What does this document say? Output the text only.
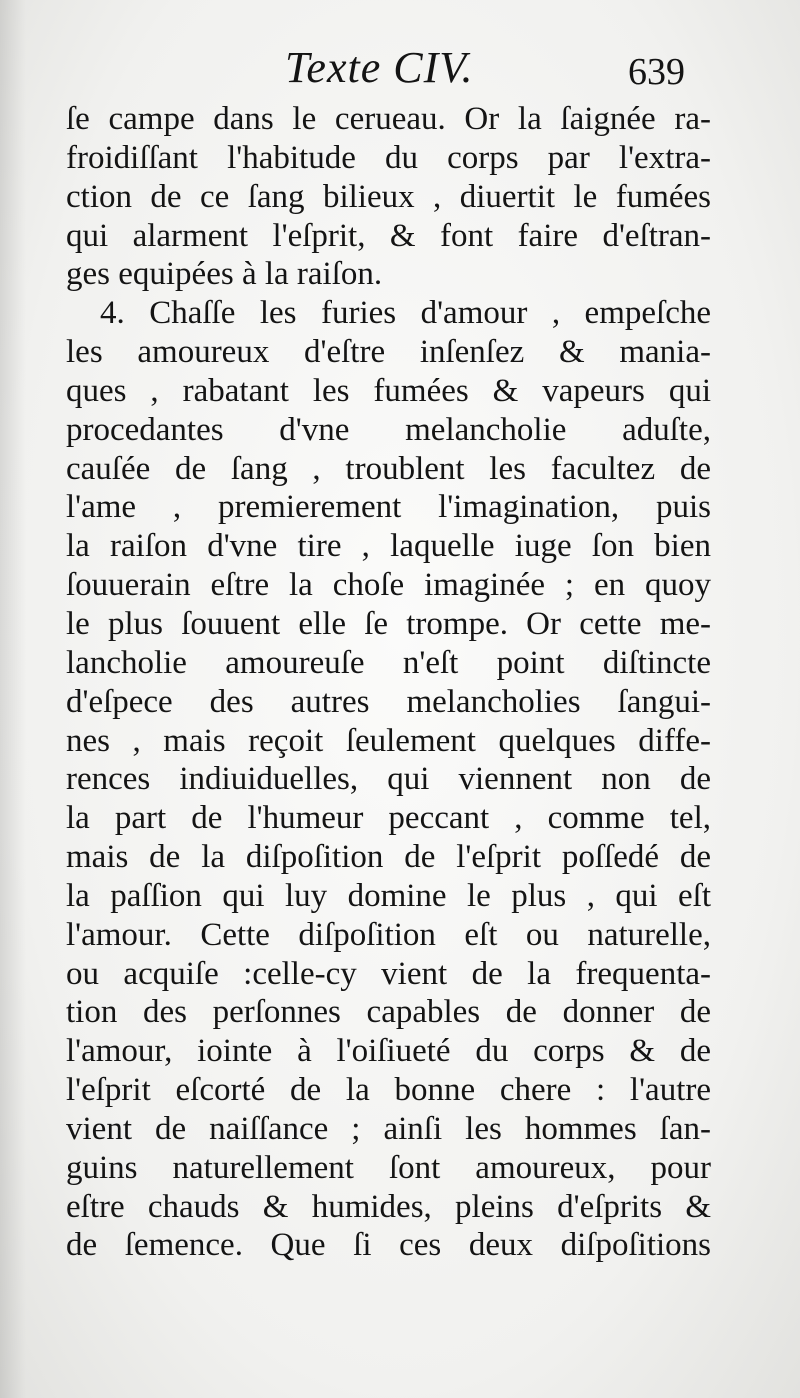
Texte CIV.	639
ſe campe dans le cerueau. Or la ſaignée ra-
froidiſſant l'habitude du corps par l'extra-
ction de ce ſang bilieux , diuertit le fumées
qui alarment l'eſprit, & font faire d'eſtran-
ges equipées à la raiſon.
4. Chaſſe les furies d'amour , empeſche
les amoureux d'eſtre inſenſez & mania-
ques , rabatant les fumées & vapeurs qui
procedantes d'vne melancholie aduſte,
cauſée de ſang , troublent les facultez de
l'ame , premierement l'imagination, puis
la raiſon d'vne tire , laquelle iuge ſon bien
ſouuerain eſtre la choſe imaginée ; en quoy
le plus ſouuent elle ſe trompe. Or cette me-
lancholie amoureuſe n'eſt point diſtincte
d'eſpece des autres melancholies ſangui-
nes , mais reçoit ſeulement quelques diffe-
rences indiuiduelles, qui viennent non de
la part de l'humeur peccant , comme tel,
mais de la diſpoſition de l'eſprit poſſedé de
la paſſion qui luy domine le plus , qui eſt
l'amour. Cette diſpoſition eſt ou naturelle,
ou acquiſe :celle-cy vient de la frequenta-
tion des perſonnes capables de donner de
l'amour, iointe à l'oiſiueté du corps & de
l'eſprit eſcorté de la bonne chere : l'autre
vient de naiſſance ; ainſi les hommes ſan-
guins naturellement ſont amoureux, pour
eſtre chauds & humides, pleins d'eſprits &
de ſemence. Que ſi ces deux diſpoſitions
